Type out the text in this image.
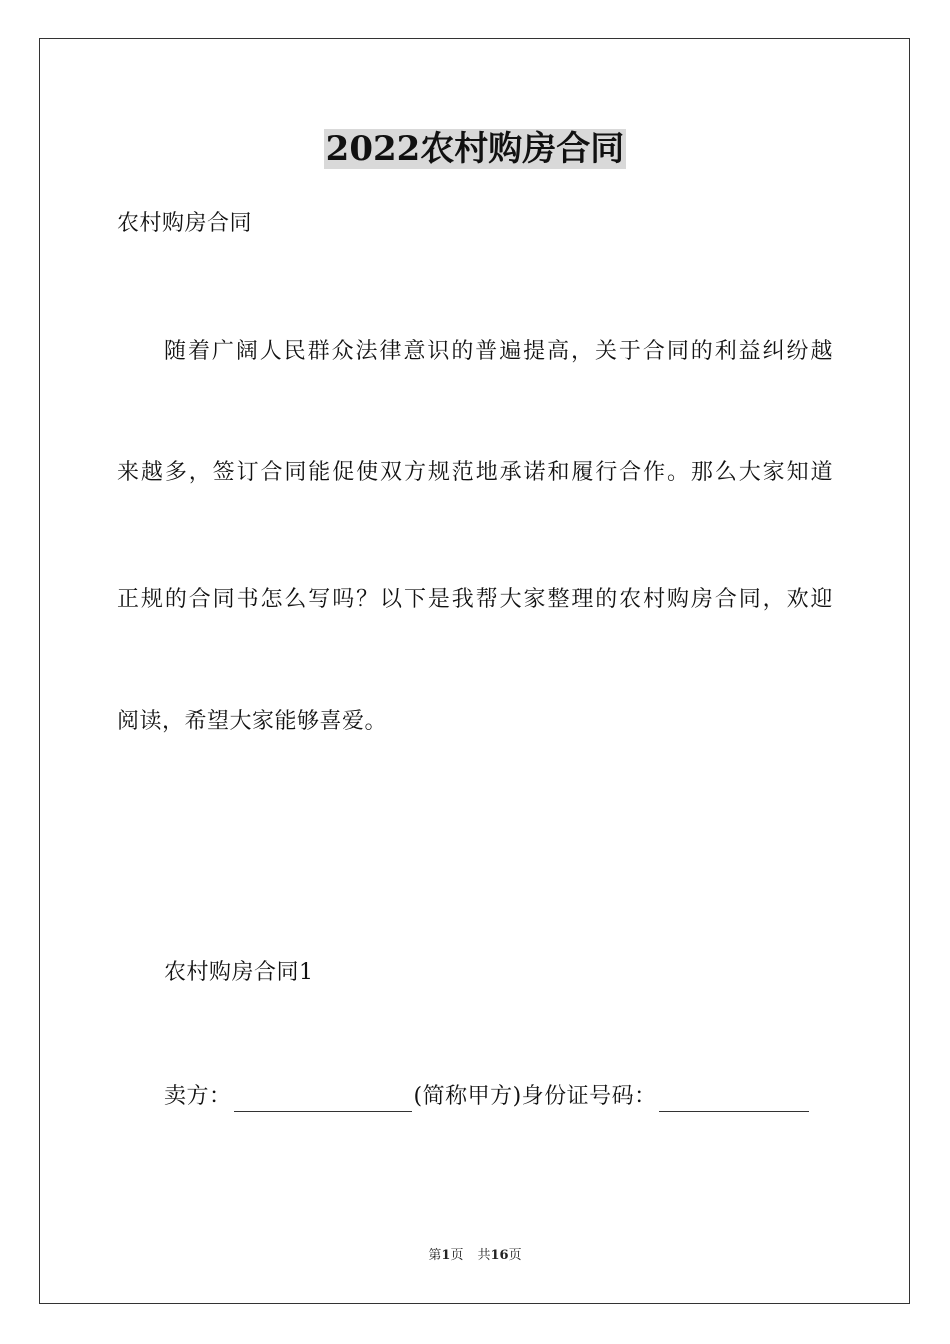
2022农村购房合同
农村购房合同
随着广阔人民群众法律意识的普遍提高，关于合同的利益纠纷越
来越多，签订合同能促使双方规范地承诺和履行合作。那么大家知道
正规的合同书怎么写吗？以下是我帮大家整理的农村购房合同，欢迎
阅读，希望大家能够喜爱。
农村购房合同1
卖方：	(简称甲方)身份证号码：
第1页 共16页
